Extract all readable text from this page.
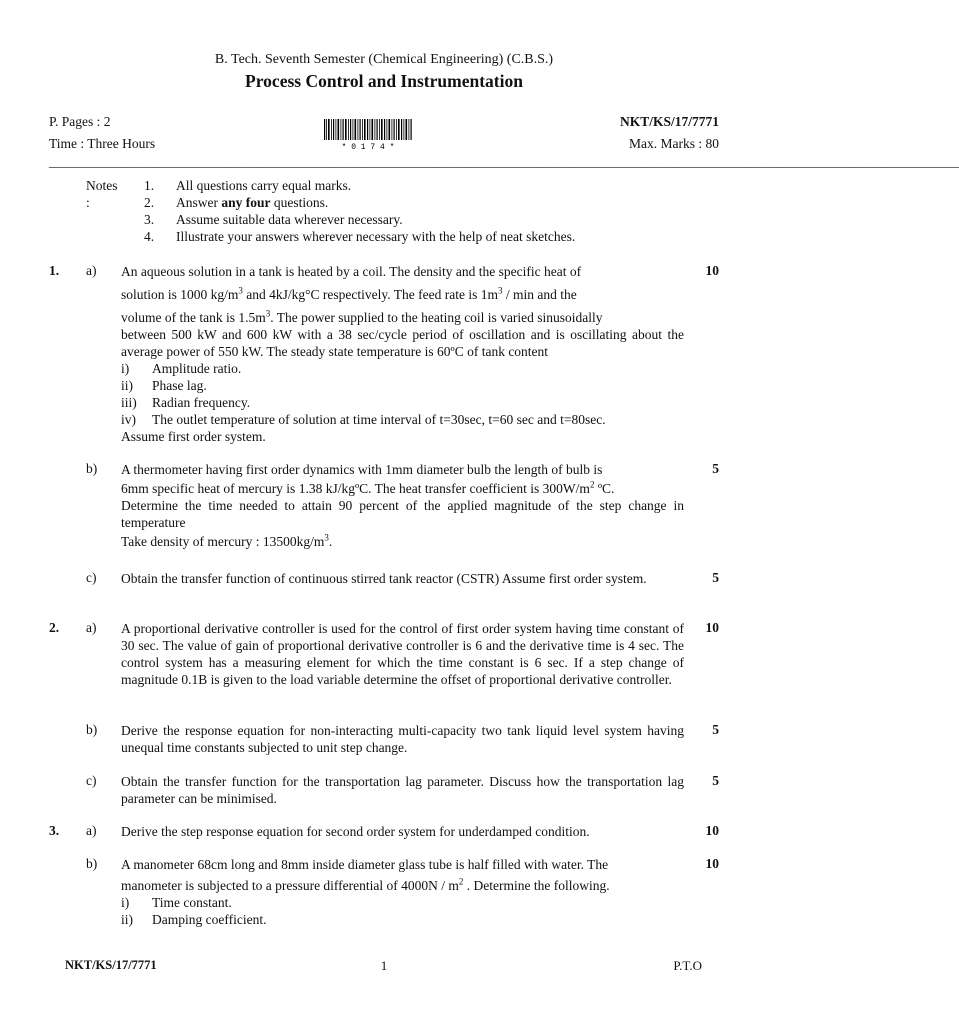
B. Tech. Seventh Semester (Chemical Engineering) (C.B.S.)
Process Control and Instrumentation
P. Pages : 2
Time : Three Hours
NKT/KS/17/7771
Max. Marks : 80
* 0 1 7 4 *
____________________________________________________________________________________________________________________________________________
Notes :
1. All questions carry equal marks.
2. Answer any four questions.
3. Assume suitable data wherever necessary.
4. Illustrate your answers wherever necessary with the help of neat sketches.
1. a)	10

An aqueous solution in a tank is heated by a coil. The density and the specific heat of

solution is 1000 $kg/m^3$ and 4kJ/kg°C respectively. The feed rate is $1m^3$ / min and the

volume of the tank is $1.5m^3$. The power supplied to the heating coil is varied sinusoidally

between 500 kW and 600 kW with a 38 sec/cycle period of oscillation and is oscillating about the average power of 550 kW. The steady state temperature is 60ºC of tank content

i)	Amplitude ratio.
ii)	Phase lag.
iii)	Radian frequency.
iv)	The outlet temperature of solution at time interval of t=30sec, t=60 sec and t=80sec.

Assume first order system.

b)	5

A thermometer having first order dynamics with 1mm diameter bulb the length of bulb is

6mm specific heat of mercury is 1.38 kJ/kgºC. The heat transfer coefficient is $300W/m^2$ ºC.

Determine the time needed to attain 90 percent of the applied magnitude of the step change in temperature

Take density of mercury : $13500kg/m^3$.

c)	5

Obtain the transfer function of continuous stirred tank reactor (CSTR) Assume first order system.

2. a)	10

A proportional derivative controller is used for the control of first order system having time constant of 30 sec. The value of gain of proportional derivative controller is 6 and the derivative time is 4 sec. The control system has a measuring element for which the time constant is 6 sec. If a step change of magnitude 0.1B is given to the load variable determine the offset of proportional derivative controller.

b)	5

Derive the response equation for non-interacting multi-capacity two tank liquid level system having unequal time constants subjected to unit step change.

c)	5

Obtain the transfer function for the transportation lag parameter. Discuss how the transportation lag parameter can be minimised.

3. a)	10

Derive the step response equation for second order system for underdamped condition.

b)	10

A manometer 68cm long and 8mm inside diameter glass tube is half filled with water. The

manometer is subjected to a pressure differential of $4000N / m^2$ . Determine the following.

i)	Time constant.
ii)	Damping coefficient.
NKT/KS/17/7771	1	P.T.O
